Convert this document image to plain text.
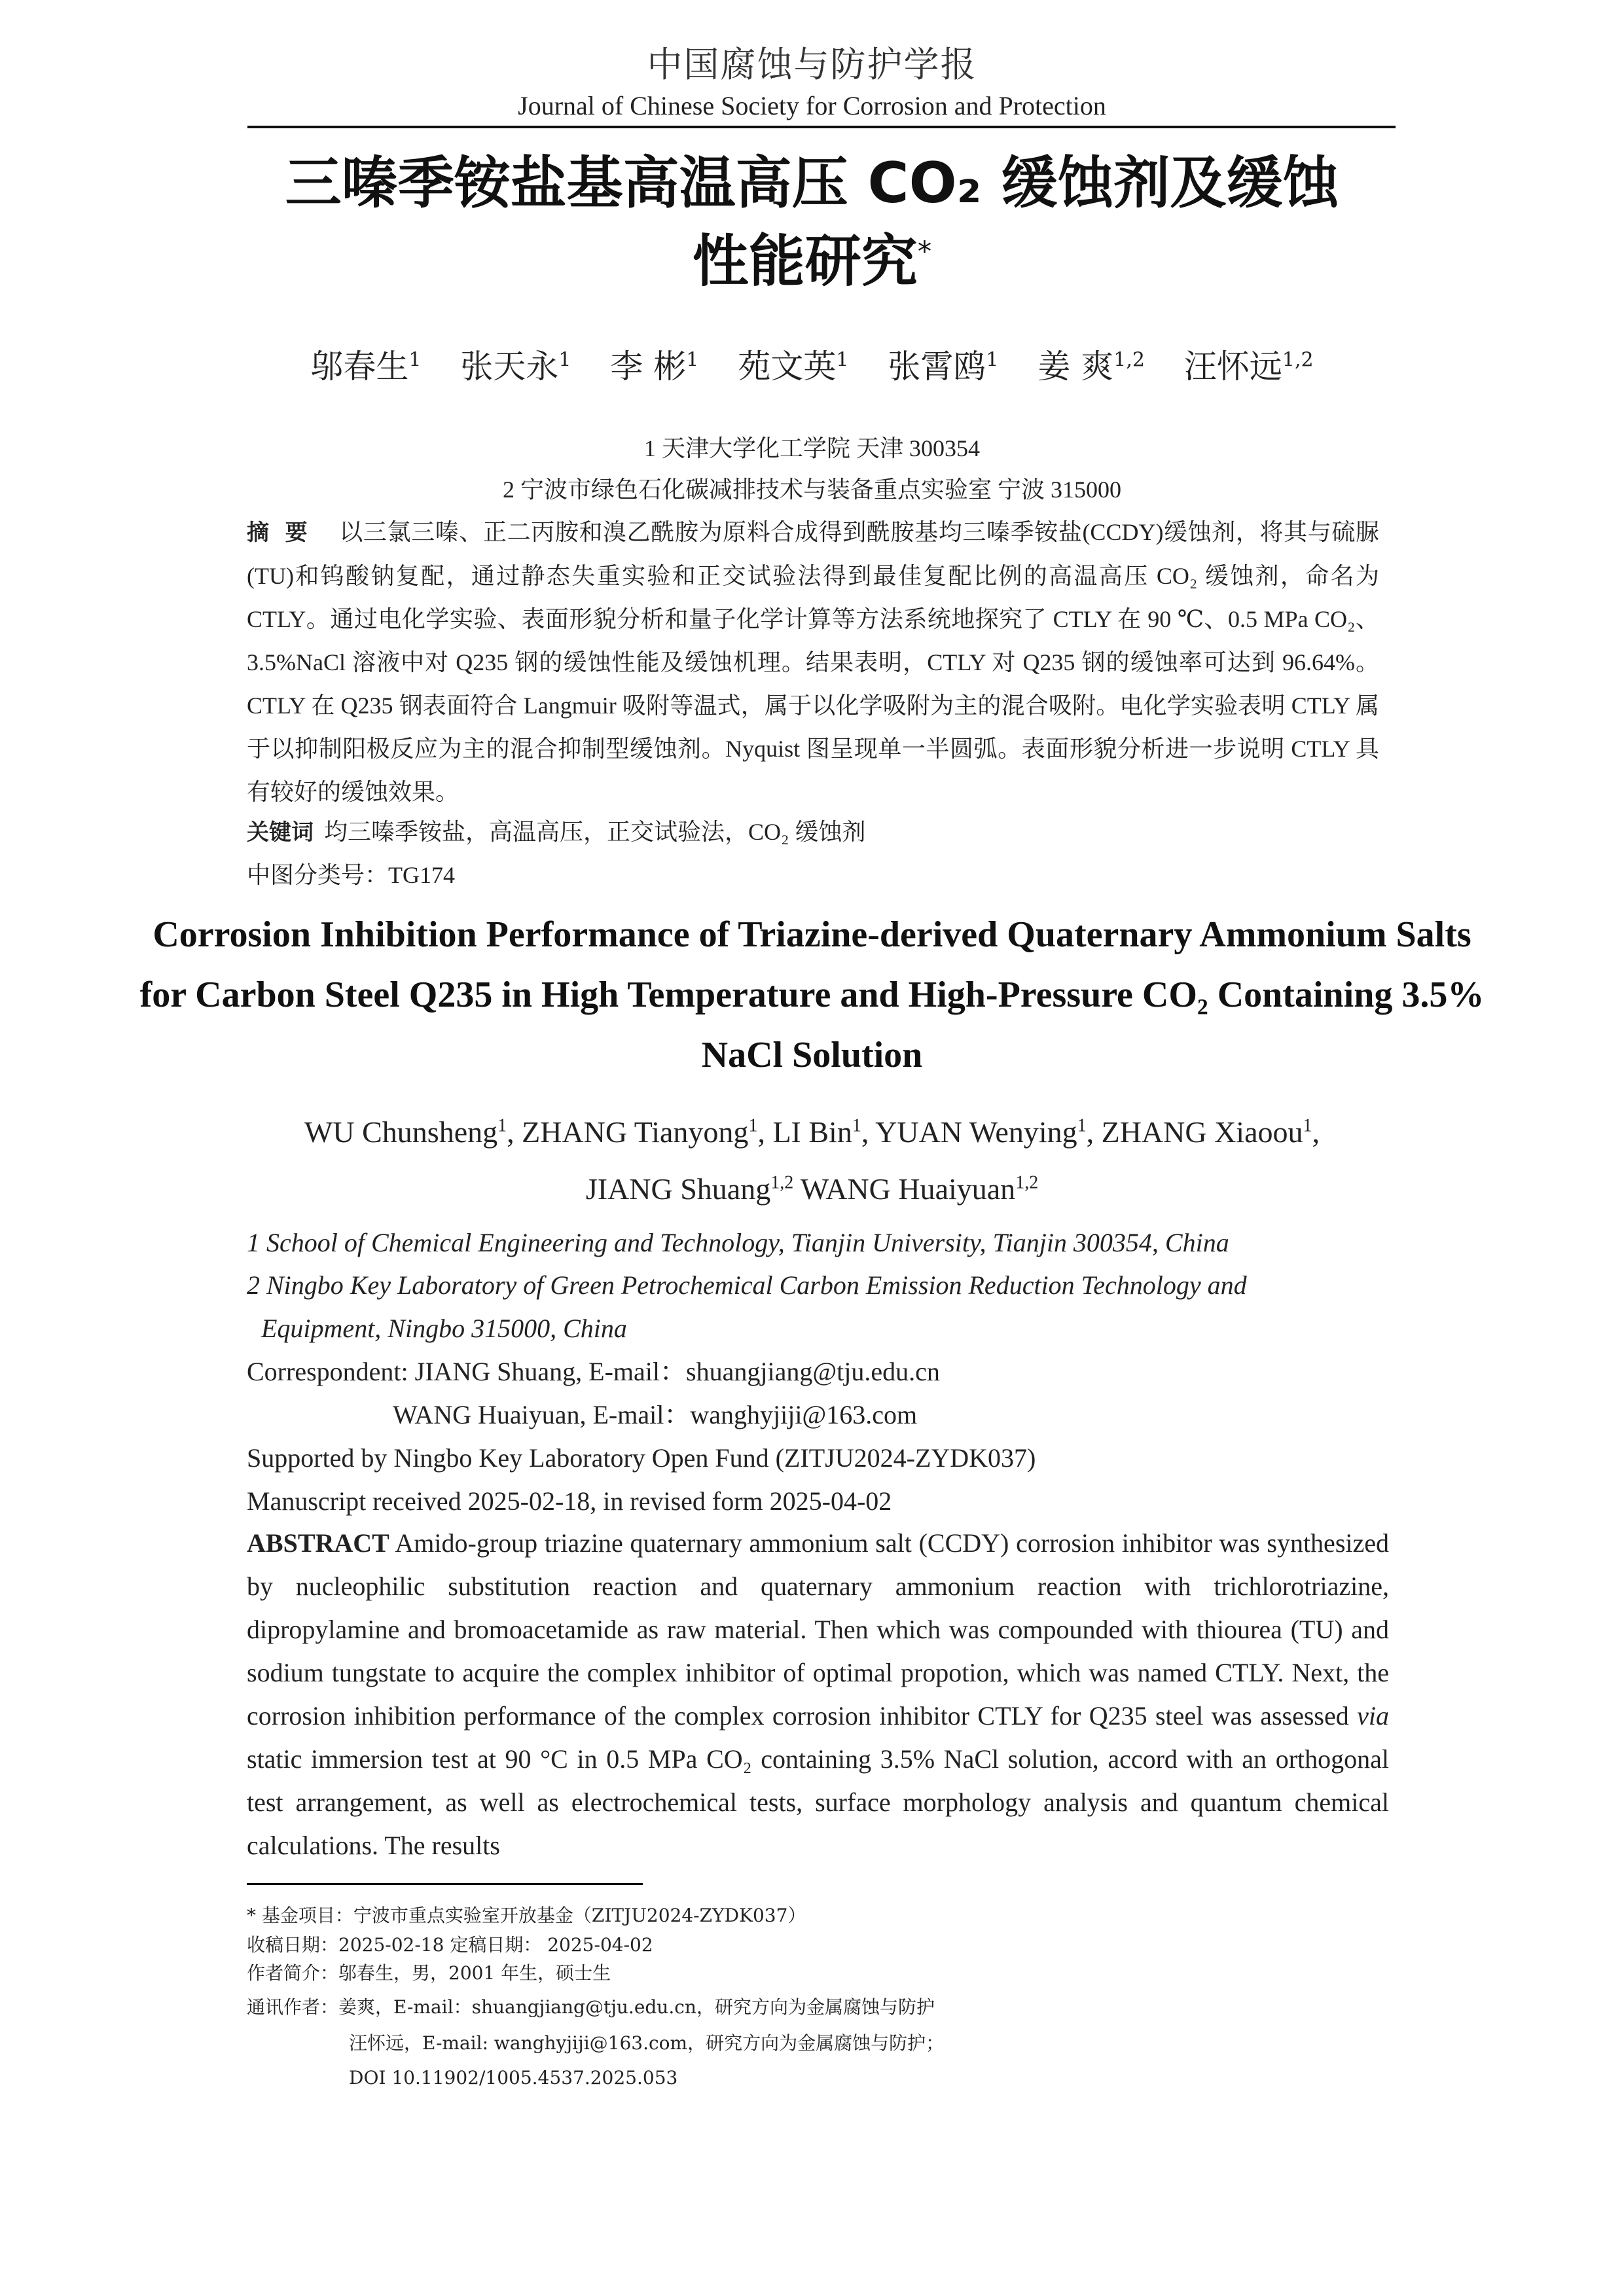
中国腐蚀与防护学报
Journal of Chinese Society for Corrosion and Protection
三嗪季铵盐基高温高压 CO₂ 缓蚀剂及缓蚀
性能研究*
邬春生$^1$ 张天永$^1$ 李 彬$^1$ 苑文英$^1$ 张霄鸥$^1$ 姜 爽$^{1,2}$ 汪怀远$^{1,2}$
1 天津大学化工学院 天津 300354
2 宁波市绿色石化碳减排技术与装备重点实验室 宁波 315000
摘要 以三氯三嗪、正二丙胺和溴乙酰胺为原料合成得到酰胺基均三嗪季铵盐(CCDY)缓蚀剂，将其与硫脲(TU)和钨酸钠复配，通过静态失重实验和正交试验法得到最佳复配比例的高温高压 CO₂ 缓蚀剂，命名为 CTLY。通过电化学实验、表面形貌分析和量子化学计算等方法系统地探究了 CTLY 在 90 ℃、0.5 MPa CO₂、3.5%NaCl 溶液中对 Q235 钢的缓蚀性能及缓蚀机理。结果表明，CTLY 对 Q235 钢的缓蚀率可达到 96.64%。CTLY 在 Q235 钢表面符合 Langmuir 吸附等温式，属于以化学吸附为主的混合吸附。电化学实验表明 CTLY 属于以抑制阳极反应为主的混合抑制型缓蚀剂。Nyquist 图呈现单一半圆弧。表面形貌分析进一步说明 CTLY 具有较好的缓蚀效果。
关键词 均三嗪季铵盐，高温高压，正交试验法，CO₂ 缓蚀剂
中图分类号：TG174
Corrosion Inhibition Performance of Triazine-derived Quaternary Ammonium Salts for Carbon Steel Q235 in High Temperature and High-Pressure CO₂ Containing 3.5% NaCl Solution
WU Chunsheng$^1$, ZHANG Tianyong$^1$, LI Bin$^1$, YUAN Wenying$^1$, ZHANG Xiaoou$^1$,
JIANG Shuang$^{1,2}$ WANG Huaiyuan$^{1,2}$
1 School of Chemical Engineering and Technology, Tianjin University, Tianjin 300354, China
2 Ningbo Key Laboratory of Green Petrochemical Carbon Emission Reduction Technology and
Equipment, Ningbo 315000, China
Correspondent: JIANG Shuang, E-mail：shuangjiang@tju.edu.cn
WANG Huaiyuan, E-mail：wanghyjiji@163.com
Supported by Ningbo Key Laboratory Open Fund (ZITJU2024-ZYDK037)
Manuscript received 2025-02-18, in revised form 2025-04-02
ABSTRACT Amido-group triazine quaternary ammonium salt (CCDY) corrosion inhibitor was synthesized by nucleophilic substitution reaction and quaternary ammonium reaction with trichlorotriazine, dipropylamine and bromoacetamide as raw material. Then which was compounded with thiourea (TU) and sodium tungstate to acquire the complex inhibitor of optimal propotion, which was named CTLY. Next, the corrosion inhibition performance of the complex corrosion inhibitor CTLY for Q235 steel was assessed via static immersion test at 90 °C in 0.5 MPa CO₂ containing 3.5% NaCl solution, accord with an orthogonal test arrangement, as well as electrochemical tests, surface morphology analysis and quantum chemical calculations. The results
* 基金项目：宁波市重点实验室开放基金（ZITJU2024-ZYDK037）
收稿日期：2025-02-18 定稿日期： 2025-04-02
作者简介：邬春生，男，2001 年生，硕士生
通讯作者：姜爽，E-mail：shuangjiang@tju.edu.cn，研究方向为金属腐蚀与防护
汪怀远，E-mail: wanghyjiji@163.com，研究方向为金属腐蚀与防护；
DOI 10.11902/1005.4537.2025.053
